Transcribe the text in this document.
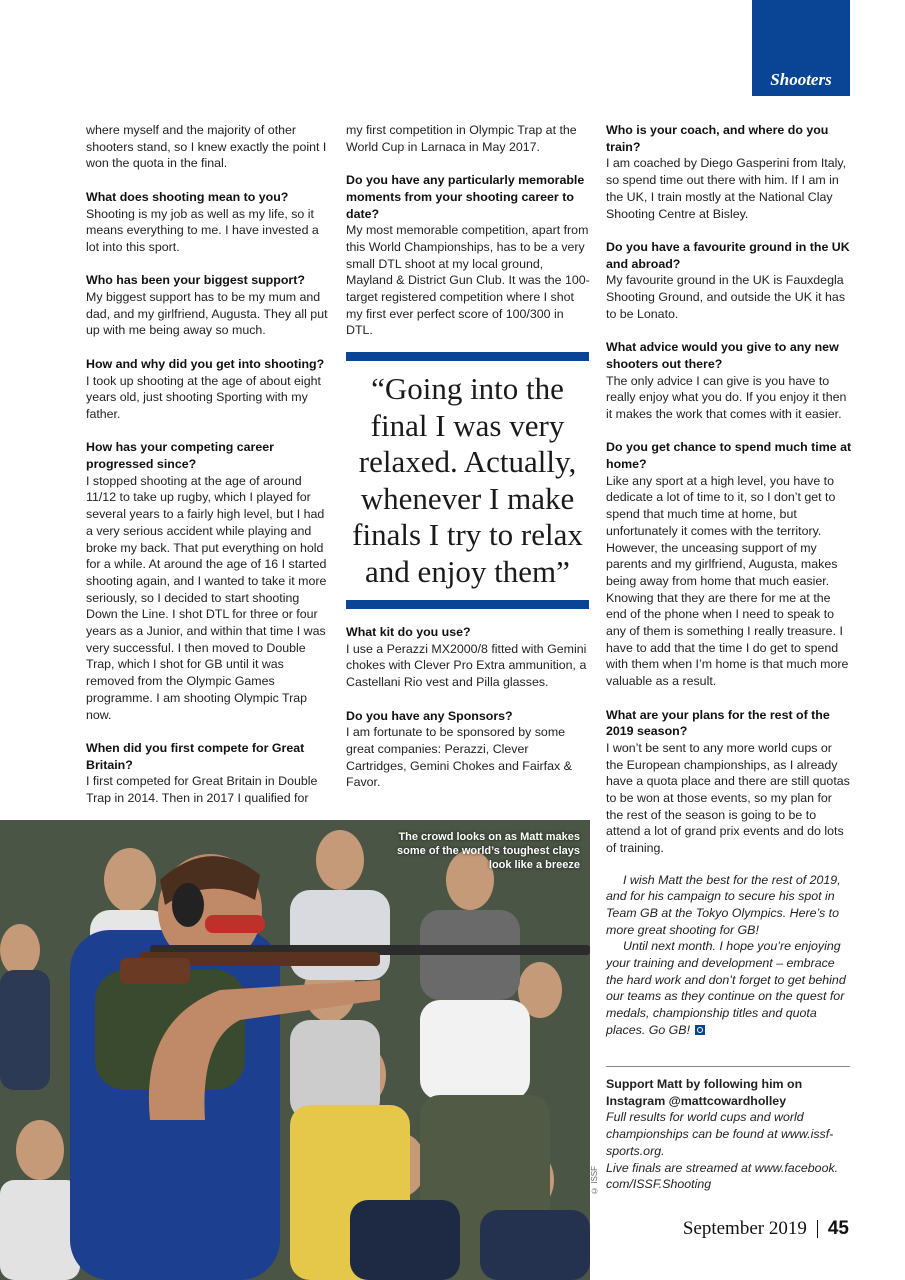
Shooters

where myself and the majority of other shooters stand, so I knew exactly the point I won the quota in the final.

What does shooting mean to you?

Shooting is my job as well as my life, so it means everything to me. I have invested a lot into this sport.

Who has been your biggest support?

My biggest support has to be my mum and dad, and my girlfriend, Augusta. They all put up with me being away so much.

How and why did you get into shooting?

I took up shooting at the age of about eight years old, just shooting Sporting with my father.

How has your competing career progressed since?

I stopped shooting at the age of around 11/12 to take up rugby, which I played for several years to a fairly high level, but I had a very serious accident while playing and broke my back. That put everything on hold for a while. At around the age of 16 I started shooting again, and I wanted to take it more seriously, so I decided to start shooting Down the Line. I shot DTL for three or four years as a Junior, and within that time I was very successful. I then moved to Double Trap, which I shot for GB until it was removed from the Olympic Games programme. I am shooting Olympic Trap now.

When did you first compete for Great Britain?

I first competed for Great Britain in Double Trap in 2014. Then in 2017 I qualified for

my first competition in Olympic Trap at the World Cup in Larnaca in May 2017.

Do you have any particularly memorable moments from your shooting career to date?

My most memorable competition, apart from this World Championships, has to be a very small DTL shoot at my local ground, Mayland & District Gun Club. It was the 100-target registered competition where I shot my first ever perfect score of 100/300 in DTL.

“Going into the final I was very relaxed. Actually, whenever I make finals I try to relax and enjoy them”

What kit do you use?

I use a Perazzi MX2000/8 fitted with Gemini chokes with Clever Pro Extra ammunition, a Castellani Rio vest and Pilla glasses.

Do you have any Sponsors?

I am fortunate to be sponsored by some great companies: Perazzi, Clever Cartridges, Gemini Chokes and Fairfax & Favor.

Who is your coach, and where do you train?

I am coached by Diego Gasperini from Italy, so spend time out there with him. If I am in the UK, I train mostly at the National Clay Shooting Centre at Bisley.

Do you have a favourite ground in the UK and abroad?

My favourite ground in the UK is Fauxdegla Shooting Ground, and outside the UK it has to be Lonato.

What advice would you give to any new shooters out there?

The only advice I can give is you have to really enjoy what you do. If you enjoy it then it makes the work that comes with it easier.

Do you get chance to spend much time at home?

Like any sport at a high level, you have to dedicate a lot of time to it, so I don’t get to spend that much time at home, but unfortunately it comes with the territory. However, the unceasing support of my parents and my girlfriend, Augusta, makes being away from home that much easier. Knowing that they are there for me at the end of the phone when I need to speak to any of them is something I really treasure. I have to add that the time I do get to spend with them when I’m home is that much more valuable as a result.

What are your plans for the rest of the 2019 season?

I won’t be sent to any more world cups or the European championships, as I already have a quota place and there are still quotas to be won at those events, so my plan for the rest of the season is going to be to attend a lot of grand prix events and do lots of training.

I wish Matt the best for the rest of 2019, and for his campaign to secure his spot in Team GB at the Tokyo Olympics. Here’s to more great shooting for GB!

Until next month. I hope you’re enjoying your training and development – embrace the hard work and don’t forget to get behind our teams as they continue on the quest for medals, championship titles and quota places. Go GB!

Support Matt by following him on Instagram @mattcowardholley
Full results for world cups and world championships can be found at www.issf-sports.org.
Live finals are streamed at www.facebook. com/ISSF.Shooting
The crowd looks on as Matt makes some of the world’s toughest clays look like a breeze
© ISSF
September 2019 45
